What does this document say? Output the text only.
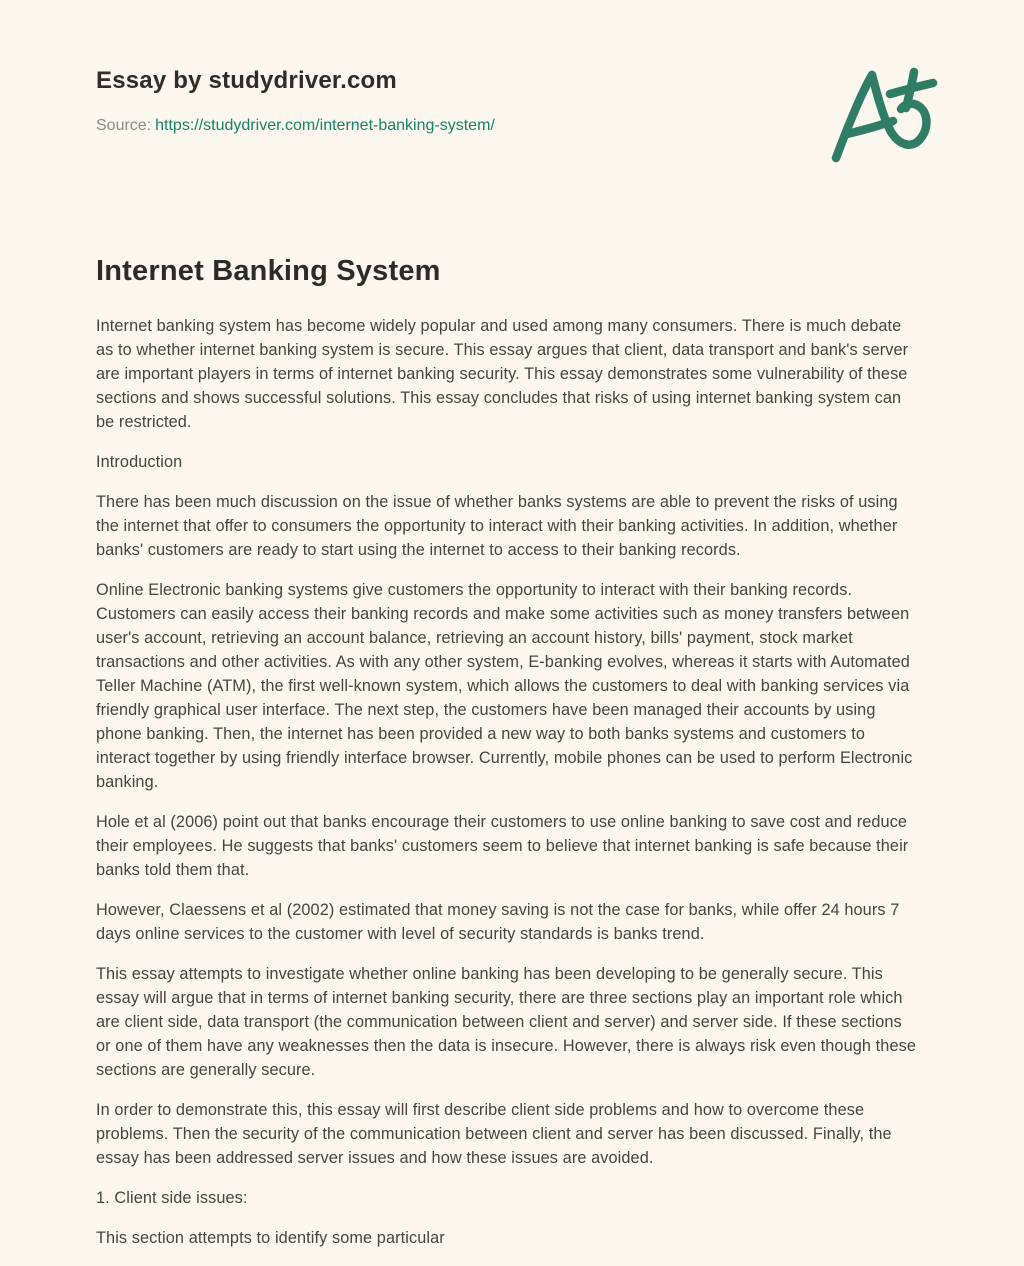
Essay by studydriver.com
Source: https://studydriver.com/internet-banking-system/
Internet Banking System

Internet banking system has become widely popular and used among many consumers. There is much debate as to whether internet banking system is secure. This essay argues that client, data transport and bank's server are important players in terms of internet banking security. This essay demonstrates some vulnerability of these sections and shows successful solutions. This essay concludes that risks of using internet banking system can be restricted.

Introduction

There has been much discussion on the issue of whether banks systems are able to prevent the risks of using the internet that offer to consumers the opportunity to interact with their banking activities. In addition, whether banks' customers are ready to start using the internet to access to their banking records.

Online Electronic banking systems give customers the opportunity to interact with their banking records. Customers can easily access their banking records and make some activities such as money transfers between user's account, retrieving an account balance, retrieving an account history, bills' payment, stock market transactions and other activities. As with any other system, E-banking evolves, whereas it starts with Automated Teller Machine (ATM), the first well-known system, which allows the customers to deal with banking services via friendly graphical user interface. The next step, the customers have been managed their accounts by using phone banking. Then, the internet has been provided a new way to both banks systems and customers to interact together by using friendly interface browser. Currently, mobile phones can be used to perform Electronic banking.

Hole et al (2006) point out that banks encourage their customers to use online banking to save cost and reduce their employees. He suggests that banks' customers seem to believe that internet banking is safe because their banks told them that.

However, Claessens et al (2002) estimated that money saving is not the case for banks, while offer 24 hours 7 days online services to the customer with level of security standards is banks trend.

This essay attempts to investigate whether online banking has been developing to be generally secure. This essay will argue that in terms of internet banking security, there are three sections play an important role which are client side, data transport (the communication between client and server) and server side. If these sections or one of them have any weaknesses then the data is insecure. However, there is always risk even though these sections are generally secure.

In order to demonstrate this, this essay will first describe client side problems and how to overcome these problems. Then the security of the communication between client and server has been discussed. Finally, the essay has been addressed server issues and how these issues are avoided.

1. Client side issues:

This section attempts to identify some particular
